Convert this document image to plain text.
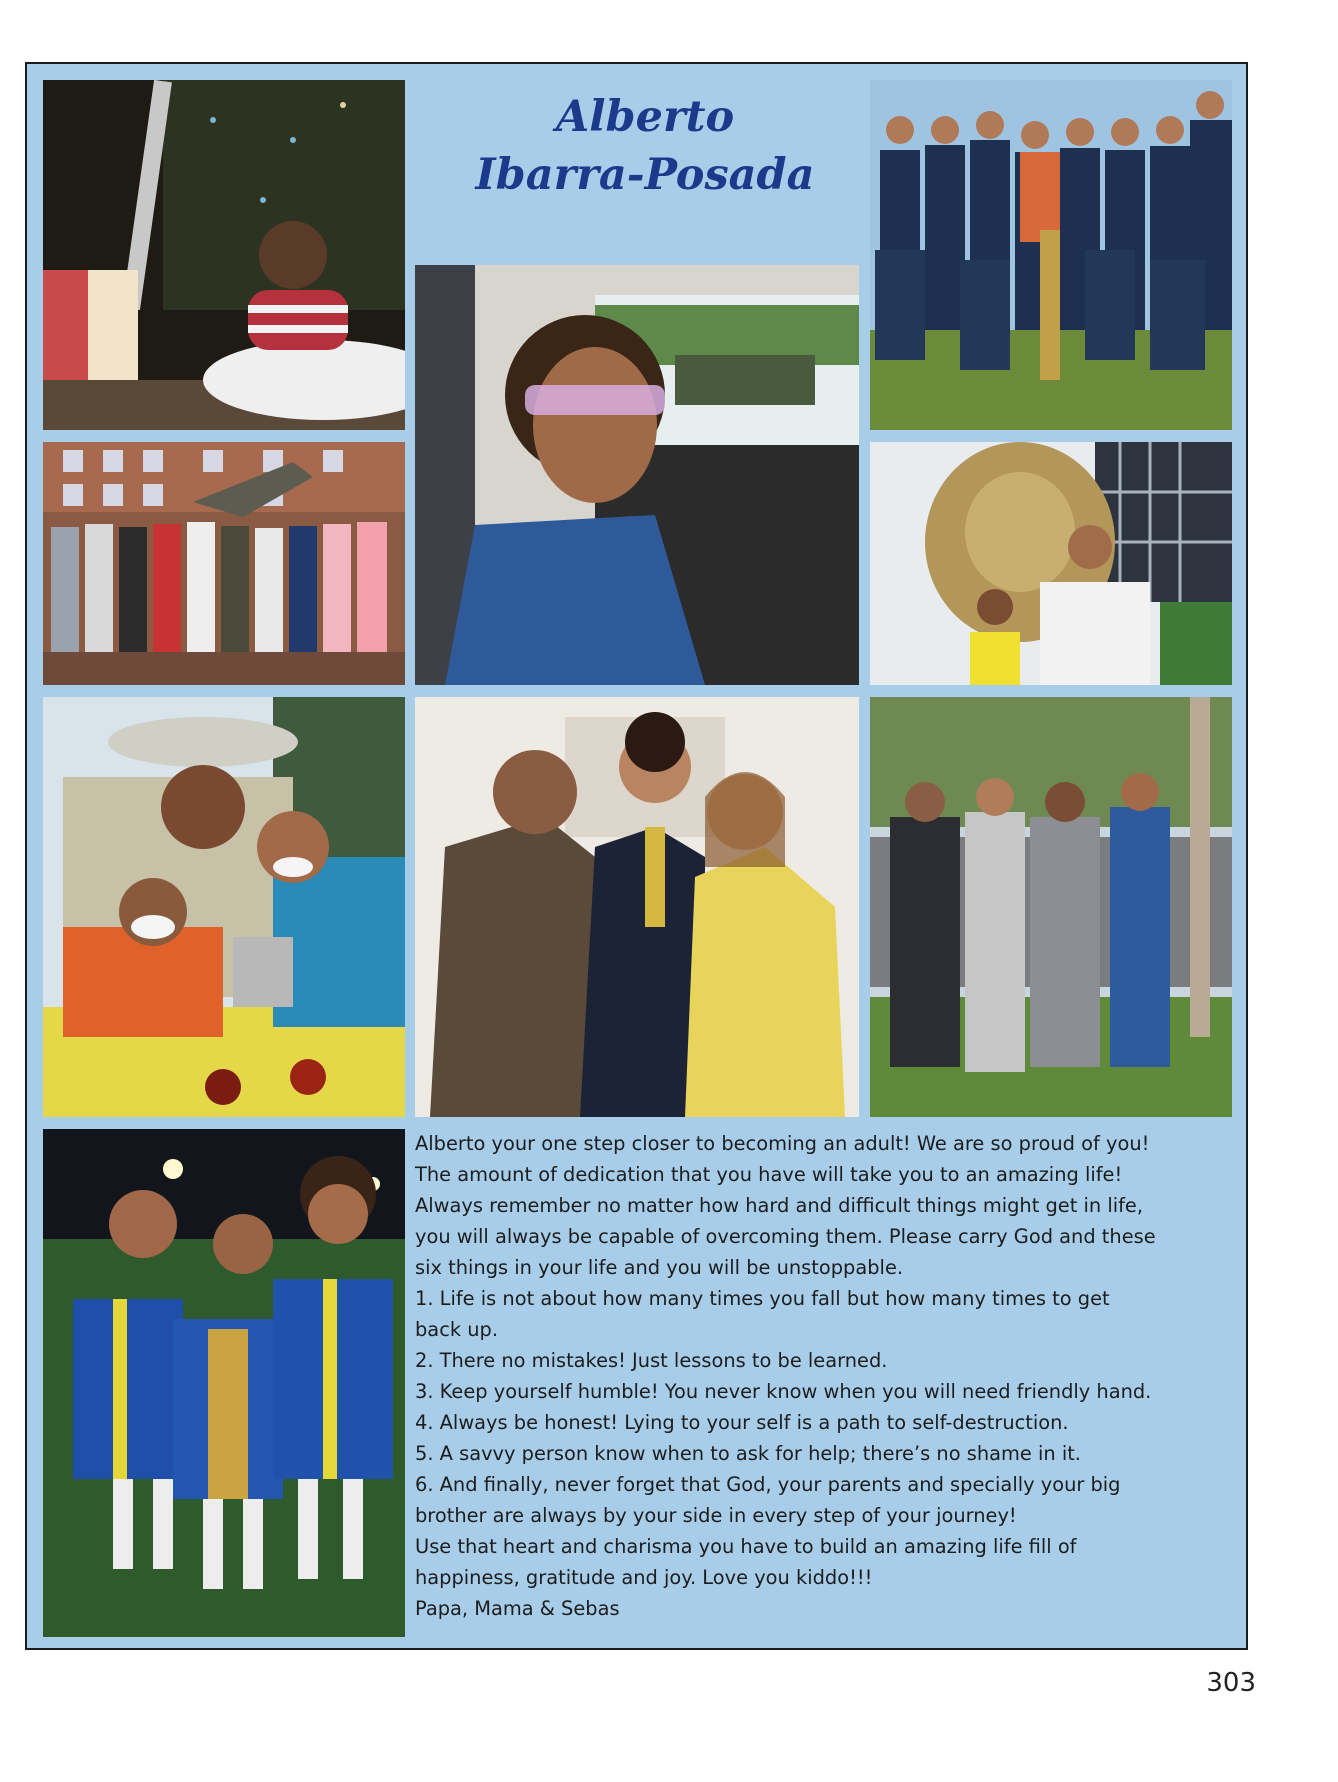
Alberto
Ibarra-Posada

Alberto your one step closer to becoming an adult! We are so proud of you!

The amount of dedication that you have will take you to an amazing life!

Always remember no matter how hard and difficult things might get in life,

you will always be capable of overcoming them. Please carry God and these

six things in your life and you will be unstoppable.

1. Life is not about how many times you fall but how many times to get

back up.

2. There no mistakes! Just lessons to be learned.

3. Keep yourself humble! You never know when you will need friendly hand.

4. Always be honest! Lying to your self is a path to self-destruction.

5. A savvy person know when to ask for help; there’s no shame in it.

6. And finally, never forget that God, your parents and specially your big

brother are always by your side in every step of your journey!

Use that heart and charisma you have to build an amazing life fill of

happiness, gratitude and joy. Love you kiddo!!!

Papa, Mama & Sebas

303
